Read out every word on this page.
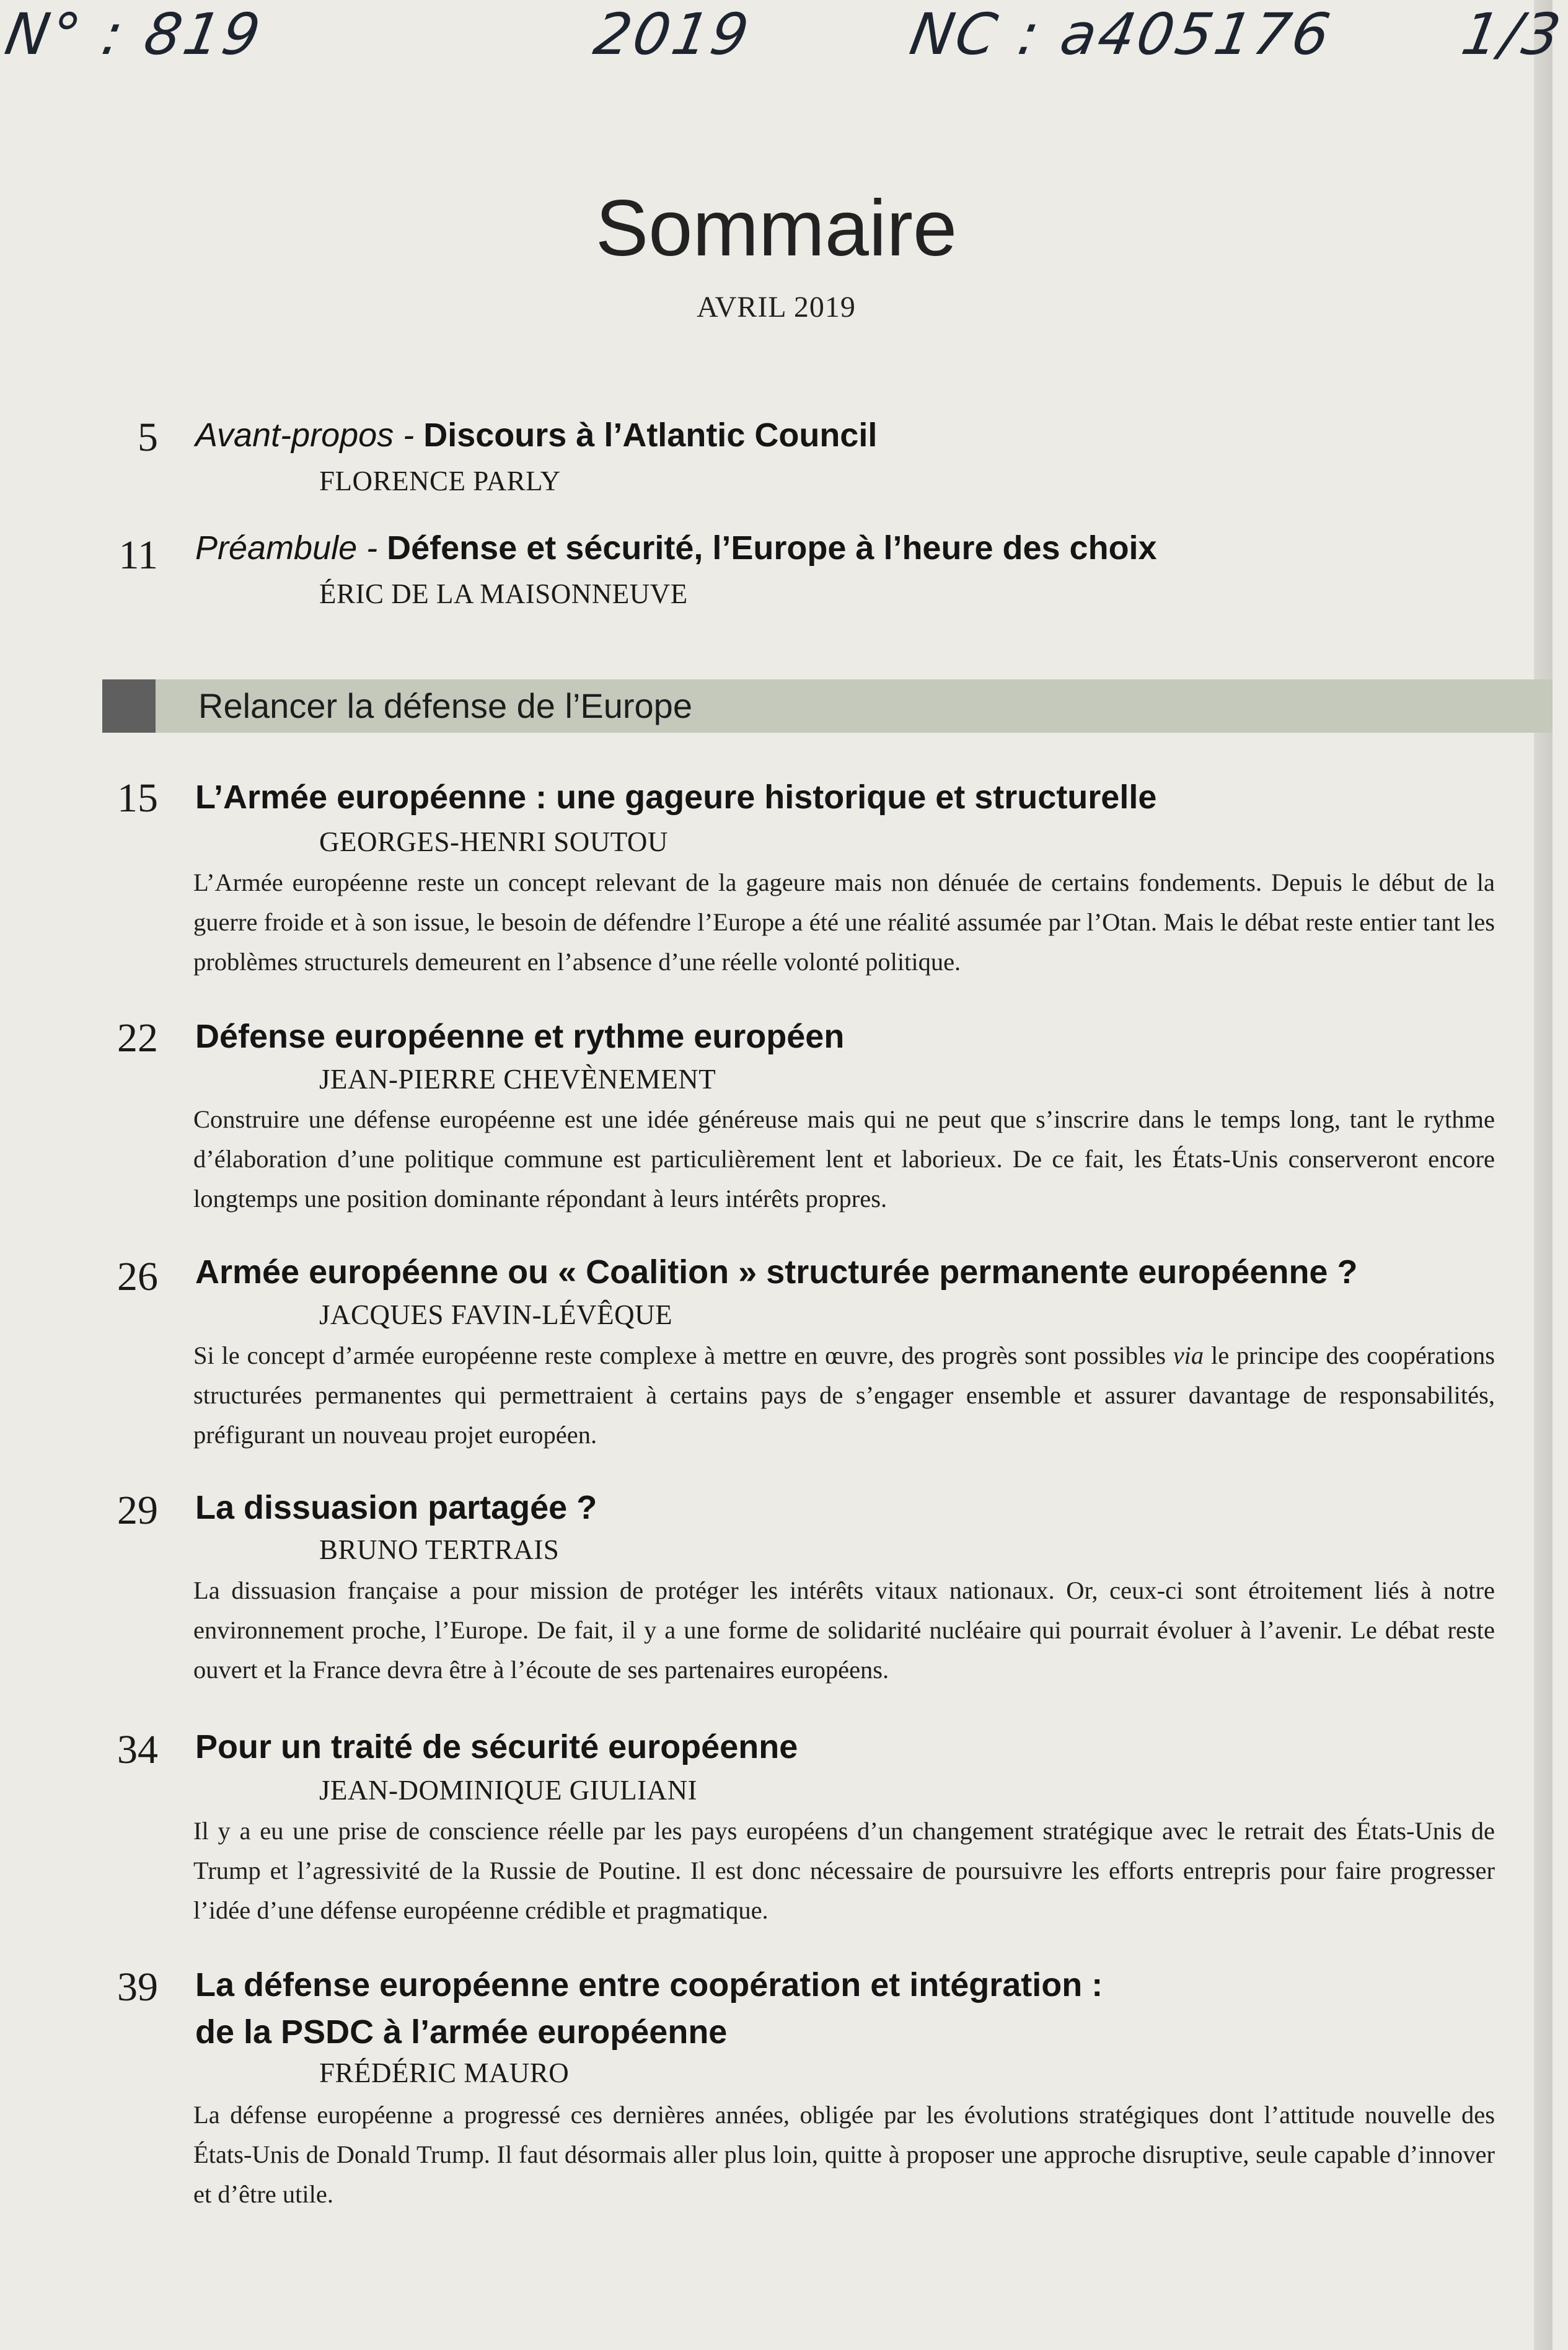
N° : 819	2019	NC : a405176 1/3
Sommaire
AVRIL 2019
5 Avant-propos - Discours à l’Atlantic Council
FLORENCE PARLY
11 Préambule - Défense et sécurité, l’Europe à l’heure des choix
ÉRIC DE LA MAISONNEUVE
Relancer la défense de l’Europe
15 L’Armée européenne : une gageure historique et structurelle
GEORGES-HENRI SOUTOU
L’Armée européenne reste un concept relevant de la gageure mais non dénuée de certains fondements. Depuis le début de la guerre froide et à son issue, le besoin de défendre l’Europe a été une réalité assumée par l’Otan. Mais le débat reste entier tant les problèmes structurels demeurent en l’absence d’une réelle volonté politique.
22 Défense européenne et rythme européen
JEAN-PIERRE CHEVÈNEMENT
Construire une défense européenne est une idée généreuse mais qui ne peut que s’inscrire dans le temps long, tant le rythme d’élaboration d’une politique commune est particulièrement lent et laborieux. De ce fait, les États-Unis conserveront encore longtemps une position dominante répondant à leurs intérêts propres.
26 Armée européenne ou « Coalition » structurée permanente européenne ?
JACQUES FAVIN-LÉVÊQUE
Si le concept d’armée européenne reste complexe à mettre en œuvre, des progrès sont possibles via le principe des coopérations structurées permanentes qui permettraient à certains pays de s’engager ensemble et assurer davantage de responsabilités, préfigurant un nouveau projet européen.
29 La dissuasion partagée ?
BRUNO TERTRAIS
La dissuasion française a pour mission de protéger les intérêts vitaux nationaux. Or, ceux-ci sont étroitement liés à notre environnement proche, l’Europe. De fait, il y a une forme de solidarité nucléaire qui pourrait évoluer à l’avenir. Le débat reste ouvert et la France devra être à l’écoute de ses partenaires européens.
34 Pour un traité de sécurité européenne
JEAN-DOMINIQUE GIULIANI
Il y a eu une prise de conscience réelle par les pays européens d’un changement stratégique avec le retrait des États-Unis de Trump et l’agressivité de la Russie de Poutine. Il est donc nécessaire de poursuivre les efforts entrepris pour faire progresser l’idée d’une défense européenne crédible et pragmatique.
39 La défense européenne entre coopération et intégration :
de la PSDC à l’armée européenne
FRÉDÉRIC MAURO
La défense européenne a progressé ces dernières années, obligée par les évolutions stratégiques dont l’attitude nouvelle des États-Unis de Donald Trump. Il faut désormais aller plus loin, quitte à proposer une approche disruptive, seule capable d’innover et d’être utile.
